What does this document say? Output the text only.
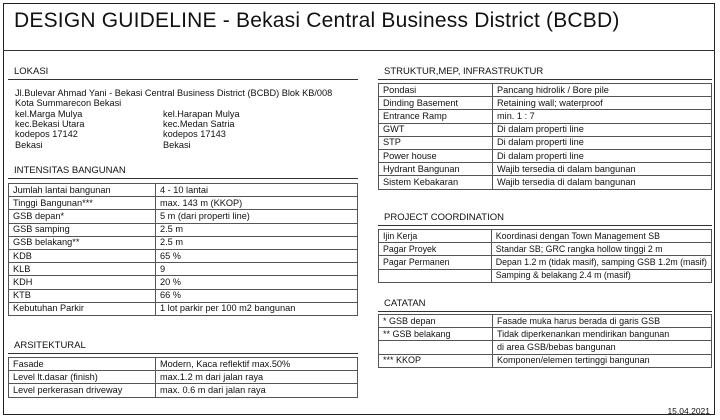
DESIGN GUIDELINE - Bekasi Central Business District (BCBD)
LOKASI
Jl.Bulevar Ahmad Yani - Bekasi Central Business District (BCBD) Blok KB/008
Kota Summarecon Bekasi
kel.Marga Mulya
kec.Bekasi Utara
kodepos 17142
Bekasi
kel.Harapan Mulya
kec.Medan Satria
kodepos 17143
Bekasi
INTENSITAS BANGUNAN
Jumlah lantai bangunan	4 - 10 lantai
Tinggi Bangunan***	max. 143 m (KKOP)
GSB depan*	5 m (dari properti line)
GSB samping	2.5 m
GSB belakang**	2.5 m
KDB	65 %
KLB	9
KDH	20 %
KTB	66 %
Kebutuhan Parkir	1 lot parkir per 100 m2 bangunan
ARSITEKTURAL
Fasade	Modern, Kaca reflektif max.50%
Level lt.dasar (finish)	max.1.2 m dari jalan raya
Level perkerasan driveway	max. 0.6 m dari jalan raya
STRUKTUR,MEP, INFRASTRUKTUR
Pondasi	Pancang hidrolik / Bore pile
Dinding Basement	Retaining wall; waterproof
Entrance Ramp	min. 1 : 7
GWT	Di dalam properti line
STP	Di dalam properti line
Power house	Di dalam properti line
Hydrant Bangunan	Wajib tersedia di dalam bangunan
Sistem Kebakaran	Wajib tersedia di dalam bangunan
PROJECT COORDINATION
Ijin Kerja	Koordinasi dengan Town Management SB
Pagar Proyek	Standar SB; GRC rangka hollow tinggi 2 m
Pagar Permanen	Depan 1.2 m (tidak masif), samping GSB 1.2m (masif)
	Samping & belakang 2.4 m (masif)
CATATAN
* GSB depan	Fasade muka harus berada di garis GSB
** GSB belakang	Tidak diperkenankan mendirikan bangunan
	di area GSB/bebas bangunan
*** KKOP	Komponen/elemen tertinggi bangunan
15.04.2021
